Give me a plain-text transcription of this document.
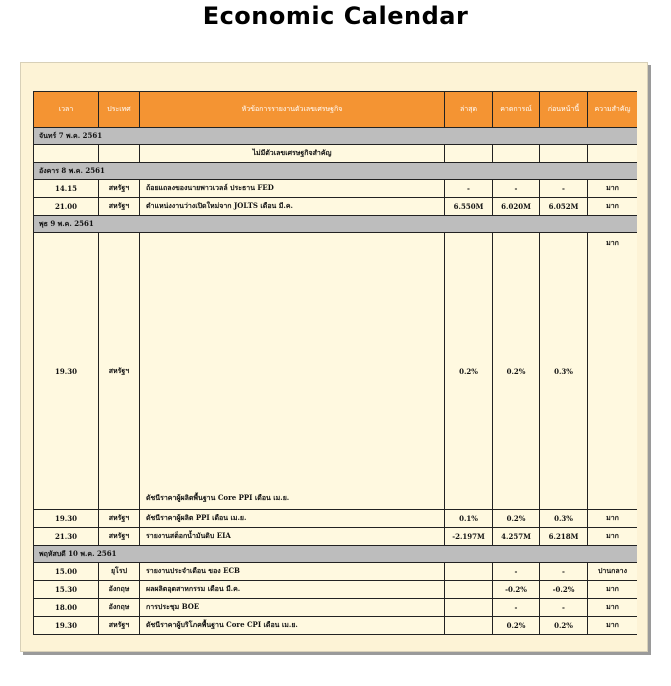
Economic Calendar
เวลา	ประเทศ	หัวข้อการรายงานตัวเลขเศรษฐกิจ	ล่าสุด	คาดการณ์	ก่อนหน้านี้	ความสำคัญ
จันทร์ 7 พ.ค. 2561						
		ไม่มีตัวเลขเศรษฐกิจสำคัญ				
อังคาร 8 พ.ค. 2561						
14.15	สหรัฐฯ	ถ้อยแถลงของนายพาวเวลล์ ประธาน FED	-	-	-	มาก
21.00	สหรัฐฯ	ตำแหน่งงานว่างเปิดใหม่จาก JOLTS เดือน มี.ค.	6.550M	6.020M	6.052M	มาก
พุธ 9 พ.ค. 2561						
19.30	สหรัฐฯ	ดัชนีราคาผู้ผลิตพื้นฐาน Core PPI เดือน เม.ย.	0.2%	0.2%	0.3%	มาก
19.30	สหรัฐฯ	ดัชนีราคาผู้ผลิต PPI เดือน เม.ย.	0.1%	0.2%	0.3%	มาก
21.30	สหรัฐฯ	รายงานสต็อกน้ำมันดิบ EIA	-2.197M	4.257M	6.218M	มาก
พฤหัสบดี 10 พ.ค. 2561						
15.00	ยุโรป	รายงานประจำเดือน ของ ECB		-	-	ปานกลาง
15.30	อังกฤษ	ผลผลิตอุตสาหกรรม เดือน มี.ค.		-0.2%	-0.2%	มาก
18.00	อังกฤษ	การประชุม BOE		-	-	มาก
19.30	สหรัฐฯ	ดัชนีราคาผู้บริโภคพื้นฐาน Core CPI เดือน เม.ย.		0.2%	0.2%	มาก
